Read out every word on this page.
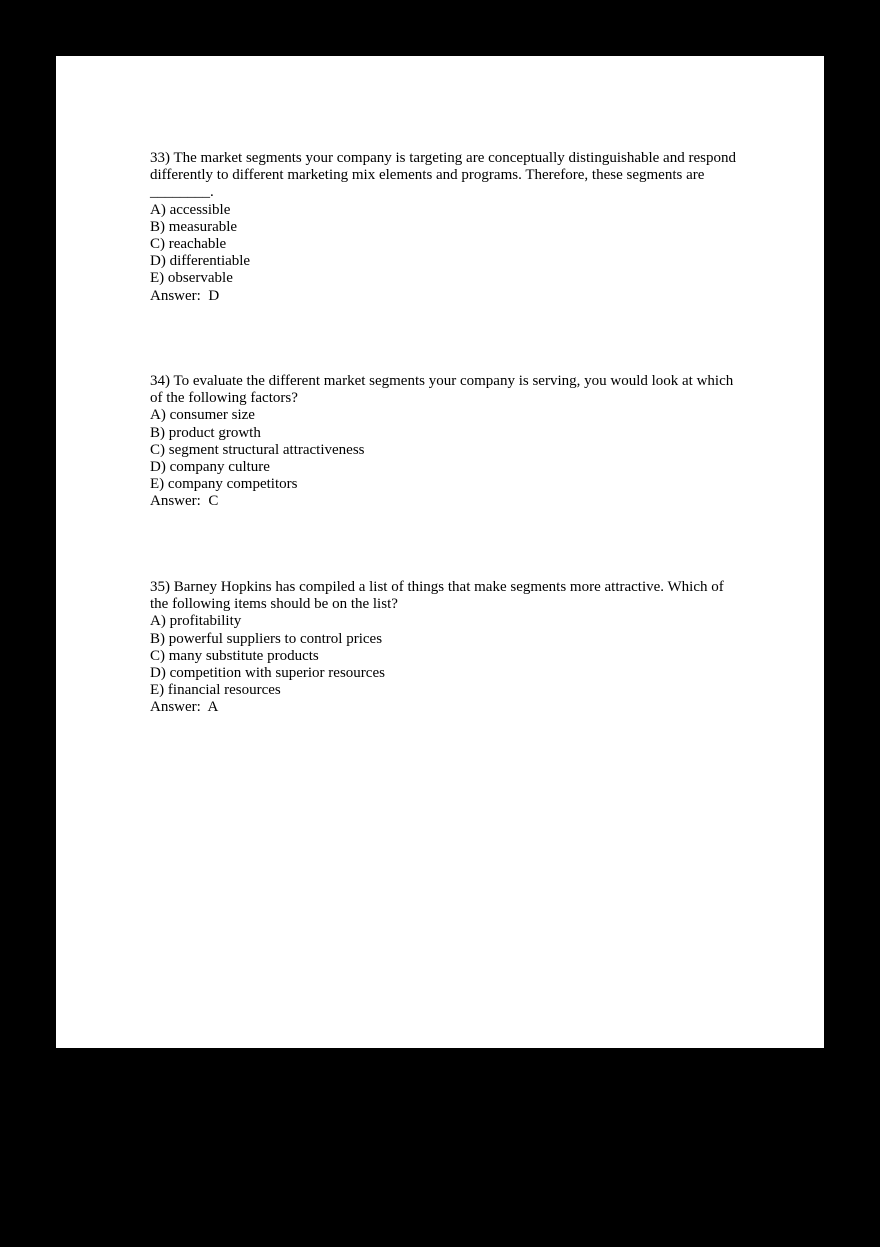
33) The market segments your company is targeting are conceptually distinguishable and respond differently to different marketing mix elements and programs. Therefore, these segments are ________.

A) accessible
B) measurable
C) reachable
D) differentiable
E) observable

Answer:  D

34) To evaluate the different market segments your company is serving, you would look at which of the following factors?

A) consumer size
B) product growth
C) segment structural attractiveness
D) company culture
E) company competitors

Answer:  C

35) Barney Hopkins has compiled a list of things that make segments more attractive. Which of the following items should be on the list?

A) profitability
B) powerful suppliers to control prices
C) many substitute products
D) competition with superior resources
E) financial resources

Answer:  A
